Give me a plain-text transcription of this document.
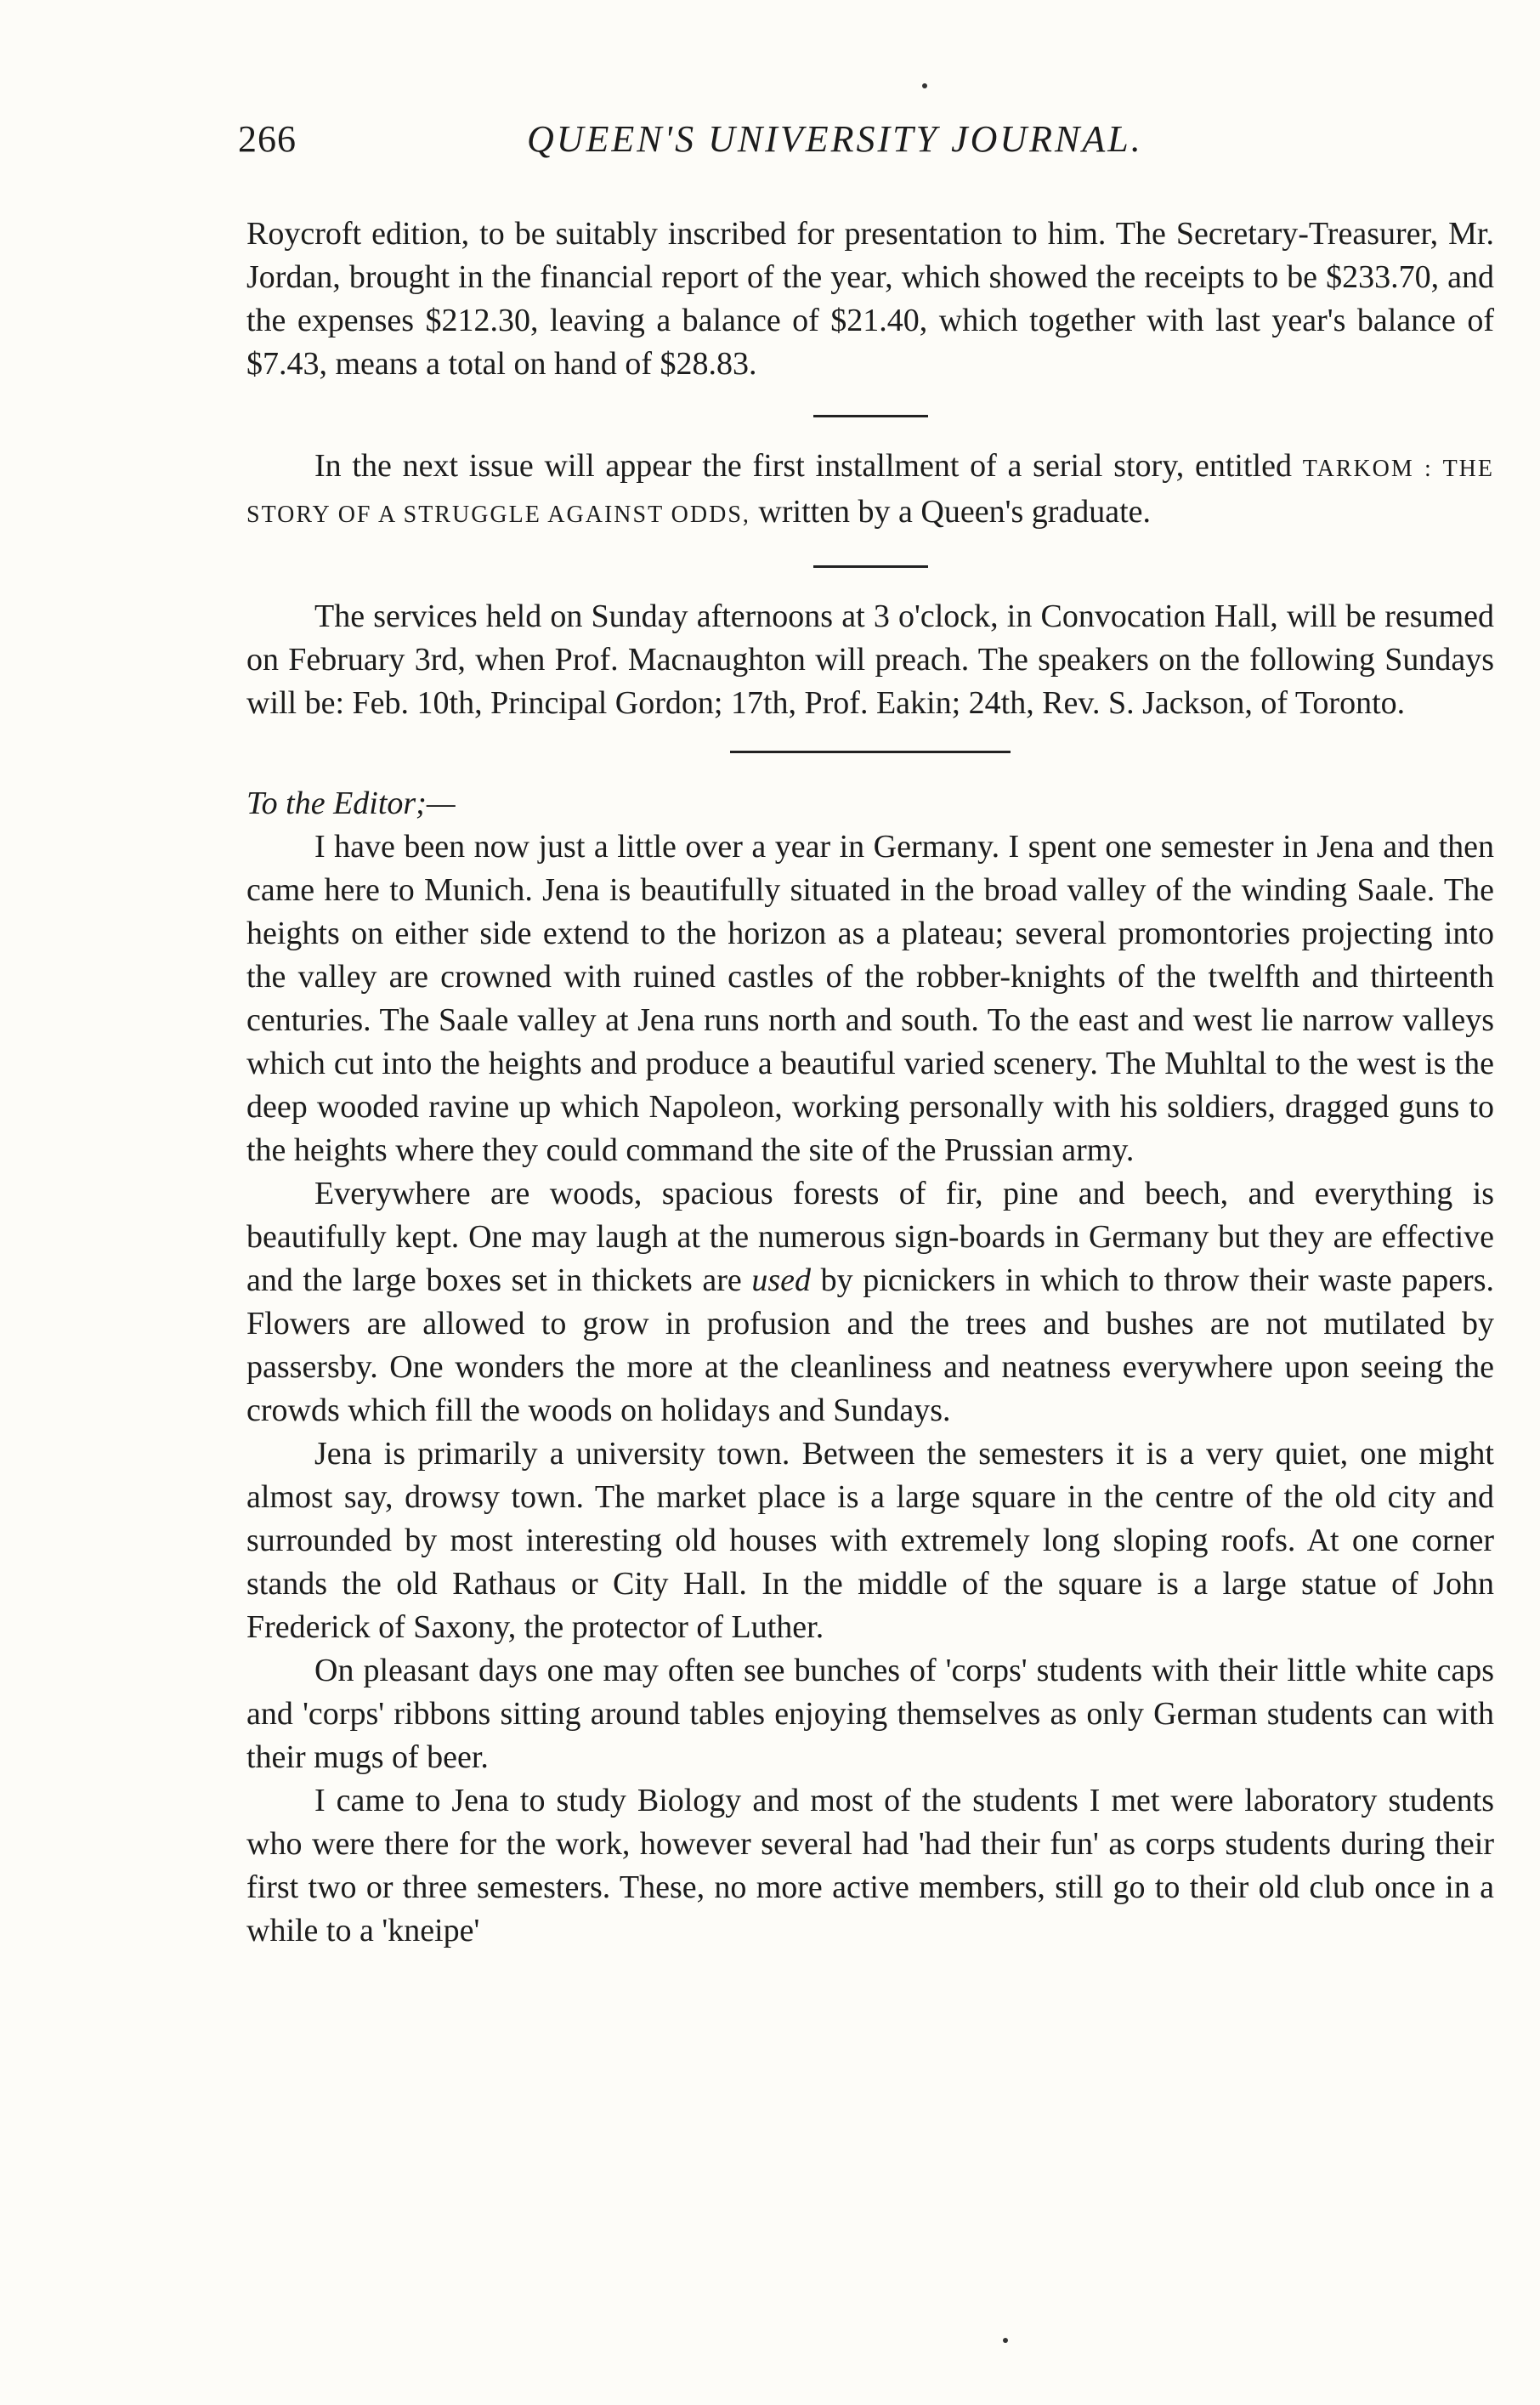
266	QUEEN'S UNIVERSITY JOURNAL.

Roycroft edition, to be suitably inscribed for presentation to him. The Secretary-Treasurer, Mr. Jordan, brought in the financial report of the year, which showed the receipts to be $233.70, and the expenses $212.30, leaving a balance of $21.40, which together with last year's balance of $7.43, means a total on hand of $28.83.

In the next issue will appear the first installment of a serial story, entitled TARKOM : THE STORY OF A STRUGGLE AGAINST ODDS, written by a Queen's graduate.

The services held on Sunday afternoons at 3 o'clock, in Convocation Hall, will be resumed on February 3rd, when Prof. Macnaughton will preach. The speakers on the following Sundays will be: Feb. 10th, Principal Gordon; 17th, Prof. Eakin; 24th, Rev. S. Jackson, of Toronto.

To the Editor;—

I have been now just a little over a year in Germany. I spent one semester in Jena and then came here to Munich. Jena is beautifully situated in the broad valley of the winding Saale. The heights on either side extend to the horizon as a plateau; several promontories projecting into the valley are crowned with ruined castles of the robber-knights of the twelfth and thirteenth centuries. The Saale valley at Jena runs north and south. To the east and west lie narrow valleys which cut into the heights and produce a beautiful varied scenery. The Muhltal to the west is the deep wooded ravine up which Napoleon, working personally with his soldiers, dragged guns to the heights where they could command the site of the Prussian army.

Everywhere are woods, spacious forests of fir, pine and beech, and everything is beautifully kept. One may laugh at the numerous sign-boards in Germany but they are effective and the large boxes set in thickets are used by picnickers in which to throw their waste papers. Flowers are allowed to grow in profusion and the trees and bushes are not mutilated by passersby. One wonders the more at the cleanliness and neatness everywhere upon seeing the crowds which fill the woods on holidays and Sundays.

Jena is primarily a university town. Between the semesters it is a very quiet, one might almost say, drowsy town. The market place is a large square in the centre of the old city and surrounded by most interesting old houses with extremely long sloping roofs. At one corner stands the old Rathaus or City Hall. In the middle of the square is a large statue of John Frederick of Saxony, the protector of Luther.

On pleasant days one may often see bunches of 'corps' students with their little white caps and 'corps' ribbons sitting around tables enjoying themselves as only German students can with their mugs of beer.

I came to Jena to study Biology and most of the students I met were laboratory students who were there for the work, however several had 'had their fun' as corps students during their first two or three semesters. These, no more active members, still go to their old club once in a while to a 'kneipe'
